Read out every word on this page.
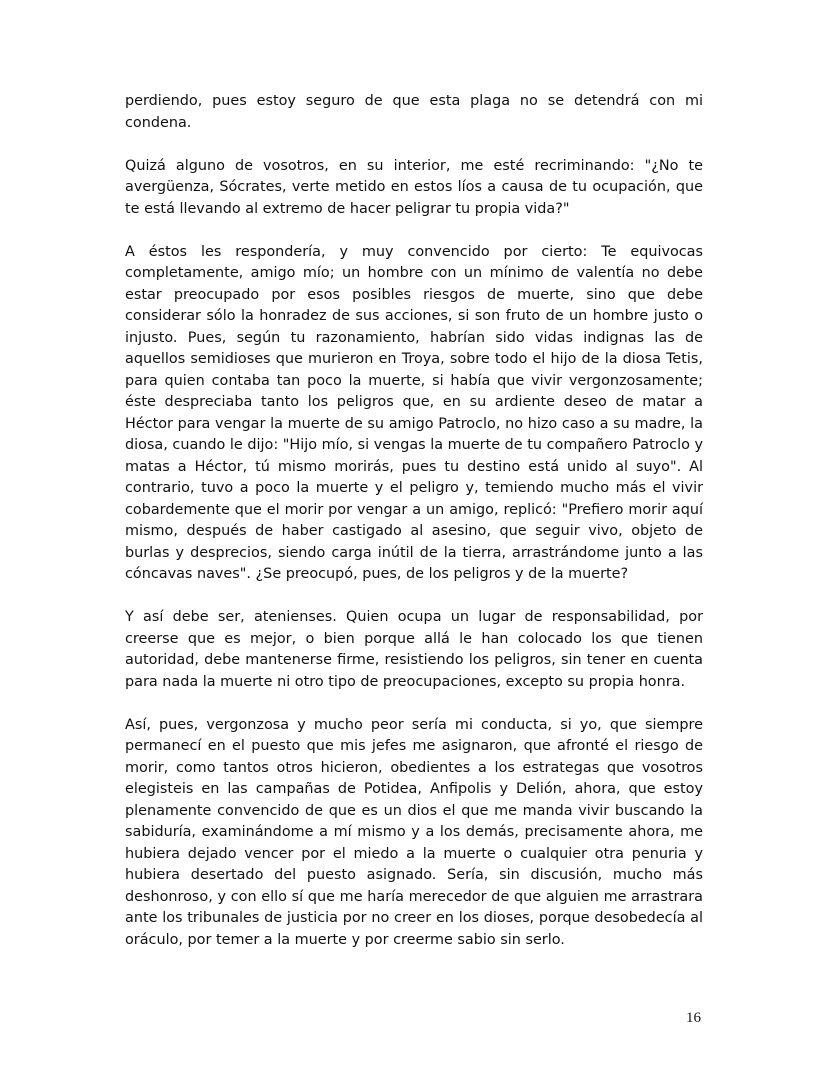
perdiendo, pues estoy seguro de que esta plaga no se detendrá con mi condena.

Quizá alguno de vosotros, en su interior, me esté recriminando: "¿No te avergüenza, Sócrates, verte metido en estos líos a causa de tu ocupación, que te está llevando al extremo de hacer peligrar tu propia vida?"

A éstos les respondería, y muy convencido por cierto: Te equivocas completamente, amigo mío; un hombre con un mínimo de valentía no debe estar preocupado por esos posibles riesgos de muerte, sino que debe considerar sólo la honradez de sus acciones, si son fruto de un hombre justo o injusto. Pues, según tu razonamiento, habrían sido vidas indignas las de aquellos semidioses que murieron en Troya, sobre todo el hijo de la diosa Tetis, para quien contaba tan poco la muerte, si había que vivir vergonzosamente; éste despreciaba tanto los peligros que, en su ardiente deseo de matar a Héctor para vengar la muerte de su amigo Patroclo, no hizo caso a su madre, la diosa, cuando le dijo: "Hijo mío, si vengas la muerte de tu compañero Patroclo y matas a Héctor, tú mismo morirás, pues tu destino está unido al suyo". Al contrario, tuvo a poco la muerte y el peligro y, temiendo mucho más el vivir cobardemente que el morir por vengar a un amigo, replicó: "Prefiero morir aquí mismo, después de haber castigado al asesino, que seguir vivo, objeto de burlas y desprecios, siendo carga inútil de la tierra, arrastrándome junto a las cóncavas naves". ¿Se preocupó, pues, de los peligros y de la muerte?

Y así debe ser, atenienses. Quien ocupa un lugar de responsabilidad, por creerse que es mejor, o bien porque allá le han colocado los que tienen autoridad, debe mantenerse firme, resistiendo los peligros, sin tener en cuenta para nada la muerte ni otro tipo de preocupaciones, excepto su propia honra.

Así, pues, vergonzosa y mucho peor sería mi conducta, si yo, que siempre permanecí en el puesto que mis jefes me asignaron, que afronté el riesgo de morir, como tantos otros hicieron, obedientes a los estrategas que vosotros elegisteis en las campañas de Potidea, Anfipolis y Delión, ahora, que estoy plenamente convencido de que es un dios el que me manda vivir buscando la sabiduría, examinándome a mí mismo y a los demás, precisamente ahora, me hubiera dejado vencer por el miedo a la muerte o cualquier otra penuria y hubiera desertado del puesto asignado. Sería, sin discusión, mucho más deshonroso, y con ello sí que me haría merecedor de que alguien me arrastrara ante los tribunales de justicia por no creer en los dioses, porque desobedecía al oráculo, por temer a la muerte y por creerme sabio sin serlo.

16
